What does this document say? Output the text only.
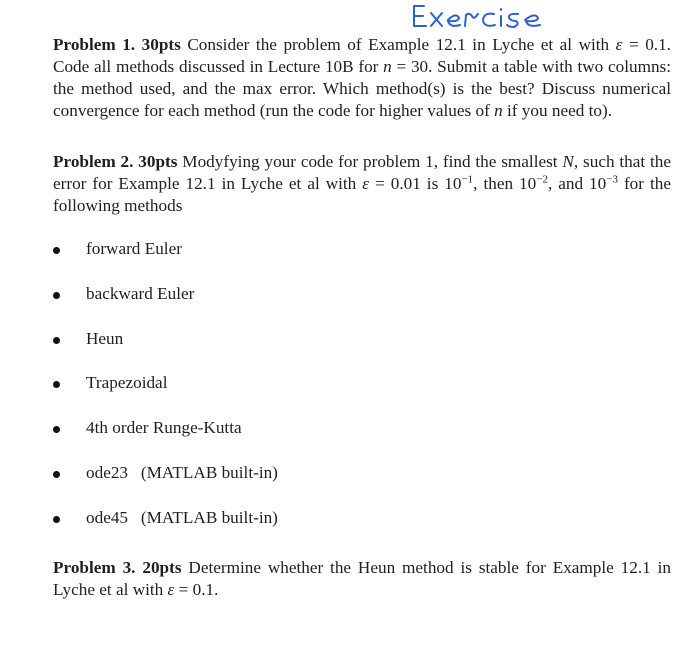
Problem 1. 30pts Consider the problem of Example 12.1 in Lyche et al with ε = 0.1. Code all methods discussed in Lecture 10B for n = 30. Submit a table with two columns: the method used, and the max error. Which method(s) is the best? Discuss numerical convergence for each method (run the code for higher values of n if you need to).
Problem 2. 30pts Modyfying your code for problem 1, find the smallest N, such that the error for Example 12.1 in Lyche et al with ε = 0.01 is $10^{-1}$, then $10^{-2}$, and $10^{-3}$ for the following methods
forward Euler
backward Euler
Heun
Trapezoidal
4th order Runge-Kutta
ode23   (MATLAB built-in)
ode45   (MATLAB built-in)
Problem 3. 20pts Determine whether the Heun method is stable for Example 12.1 in Lyche et al with ε = 0.1.
